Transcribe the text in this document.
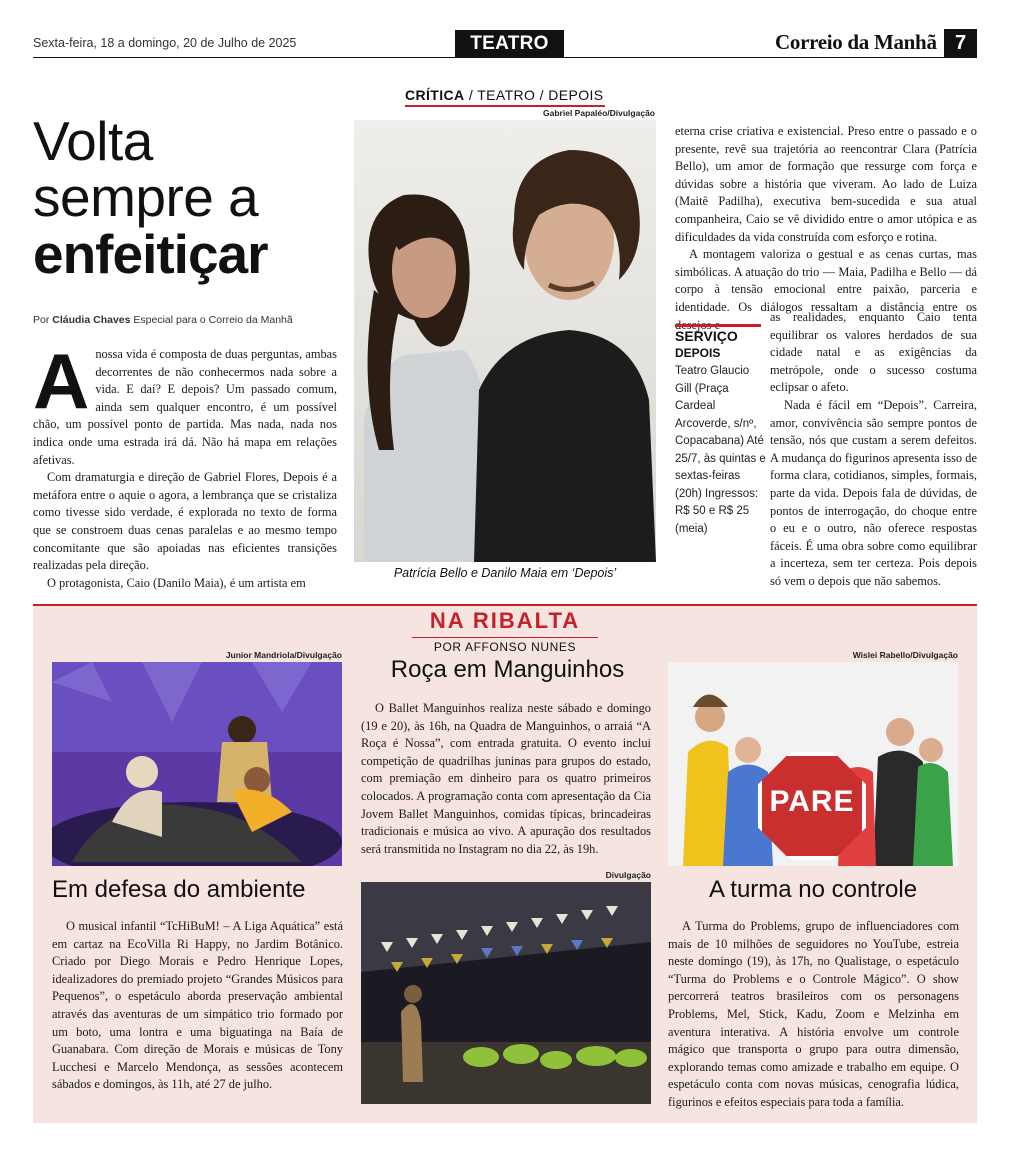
Sexta-feira, 18 a domingo, 20 de Julho de 2025	TEATRO	Correio da Manhã 7
CRÍTICA / TEATRO / DEPOIS
Gabriel Papaléo/Divulgação
Volta
sempre a
enfeitiçar
Por Cláudia Chaves Especial para o Correio da Manhã
A nossa vida é composta de duas perguntas, ambas decorrentes de não conhecermos nada sobre a vida. E daí? E depois? Um passado comum, ainda sem qualquer encontro, é um possível chão, um possível ponto de partida. Mas nada, nada nos indica onde uma estrada irá dá. Não há mapa em relações afetivas.

Com dramaturgia e direção de Gabriel Flores, Depois é a metáfora entre o aquie o agora, a lembrança que se cristaliza como tivesse sido verdade, é explorada no texto de forma que se constroem duas cenas paralelas e ao mesmo tempo concomitante que são apoiadas nas eficientes transições realizadas pela direção.

O protagonista, Caio (Danilo Maia), é um artista em

Patrícia Bello e Danilo Maia em ‘Depois’

eterna crise criativa e existencial. Preso entre o passado e o presente, revê sua trajetória ao reencontrar Clara (Patrícia Bello), um amor de formação que ressurge com força e dúvidas sobre a história que viveram. Ao lado de Luiza (Maitê Padilha), executiva bem-sucedida e sua atual companheira, Caio se vê dividido entre o amor utópica e as dificuldades da vida construída com esforço e rotina.

A montagem valoriza o gestual e as cenas curtas, mas simbólicas. A atuação do trio — Maia, Padilha e Bello — dá corpo à tensão emocional entre paixão, parceria e identidade. Os diálogos ressaltam a distância entre os

as realidades, enquanto Caio tenta equilibrar os valores herdados de sua cidade natal e as exigências da metrópole, onde o sucesso costuma eclipsar o afeto.

Nada é fácil em “Depois”. Carreira, amor, convivência são sempre pontos de tensão, nós que custam a serem defeitos. A mudança do figurinos apresenta isso de forma clara, cotidianos, simples, formais, parte da vida. Depois fala de dúvidas, de pontos de interrogação, do choque entre o eu e o outro, não oferece respostas fáceis. É uma obra sobre como equilibrar a incerteza, sem ter certeza. Pois depois só vem o depois que não sabemos.

SERVIÇO
DEPOIS
Teatro Glaucio Gill (Praça Cardeal Arcoverde, s/nº, Copacabana) Até 25/7, às quintas e sextas-feiras (20h) Ingressos: R$ 50 e R$ 25 (meia)
NA RIBALTA
POR AFFONSO NUNES
Junior Mandriola/Divulgação
Em defesa do ambiente

O musical infantil “TcHiBuM! – A Liga Aquática” está em cartaz na EcoVilla Ri Happy, no Jardim Botânico. Criado por Diego Morais e Pedro Henrique Lopes, idealizadores do premiado projeto “Grandes Músicos para Pequenos”, o espetáculo aborda preservação ambiental através das aventuras de um simpático trio formado por um boto, uma lontra e uma biguatinga na Baía de Guanabara. Com direção de Morais e músicas de Tony Lucchesi e Marcelo Mendonça, as sessões acontecem sábados e domingos, às 11h, até 27 de julho.

Roça em Manguinhos

O Ballet Manguinhos realiza neste sábado e domingo (19 e 20), às 16h, na Quadra de Manguinhos, o arraiá “A Roça é Nossa”, com entrada gratuita. O evento inclui competição de quadrilhas juninas para grupos do estado, com premiação em dinheiro para os quatro primeiros colocados. A programação conta com apresentação da Cia Jovem Ballet Manguinhos, comidas típicas, brincadeiras tradicionais e música ao vivo. A apuração dos resultados será transmitida no Instagram no dia 22, às 19h.

Divulgação
Wislei Rabello/Divulgação
PARE
A turma no controle

A Turma do Problems, grupo de influenciadores com mais de 10 milhões de seguidores no YouTube, estreia neste domingo (19), às 17h, no Qualistage, o espetáculo “Turma do Problems e o Controle Mágico”. O show percorrerá teatros brasileiros com os personagens Problems, Mel, Stick, Kadu, Zoom e Melzinha em aventura interativa. A história envolve um controle mágico que transporta o grupo para outra dimensão, explorando temas como amizade e trabalho em equipe. O espetáculo conta com novas músicas, cenografia lúdica, figurinos e efeitos especiais para toda a família.
